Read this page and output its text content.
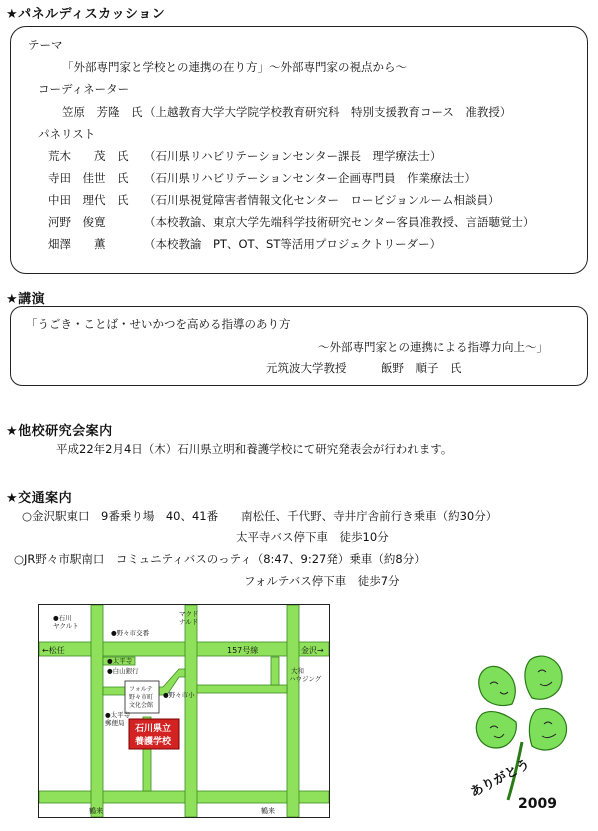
★パネルディスカッション
テーマ
「外部専門家と学校との連携の在り方」～外部専門家の視点から～
コーディネーター
笠原　芳隆　氏 （上越教育大学大学院学校教育研究科　特別支援教育コース　准教授）
パネリスト
荒木　　茂　氏 （石川県リハビリテーションセンター課長　理学療法士）
寺田　佳世　氏 （石川県リハビリテーションセンター企画専門員　作業療法士）
中田　理代　氏 （石川県視覚障害者情報文化センター　ロービジョンルーム相談員）
河野　俊寛	（本校教諭、東京大学先端科学技術研究センター客員准教授、言語聴覚士）
畑澤　　薫	（本校教諭　PT、OT、ST等活用プロジェクトリーダー）
★講演
「うごき・ことば・せいかつを高める指導のあり方
～外部専門家との連携による指導力向上～」
元筑波大学教授　　　飯野　順子　氏
★他校研究会案内
平成22年2月4日（木）石川県立明和養護学校にて研究発表会が行われます。
★交通案内
○金沢駅東口　9番乗り場　40、41番　　南松任、千代野、寺井庁舎前行き乗車（約30分）
太平寺バス停下車　徒歩10分
○JR野々市駅南口　コミュニティバスのっティ（8:47、9:27発）乗車（約8分）
フォルテバス停下車　徒歩7分
←松任	157号線	金沢→
鶴来	鶴来
●石川 ヤクルト
●野々市交番
マクド ナルド
●太平寺
●白山銀行	大和 ハウジング
フォルテ 野々市町 文化会館
●野々市小
●太平寺 郵便局
石川県立
養護学校
ありがとう
2009
